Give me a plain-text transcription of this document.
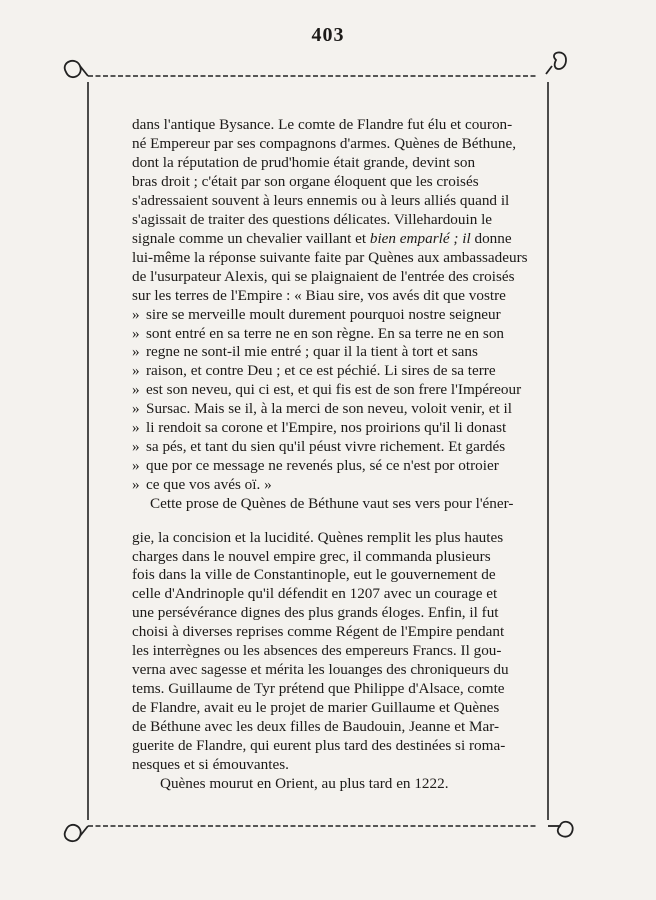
403
dans l'antique Bysance. Le comte de Flandre fut élu et couron-
né Empereur par ses compagnons d'armes. Quènes de Béthune,
dont la réputation de prud'homie était grande, devint son
bras droit ; c'était par son organe éloquent que les croisés
s'adressaient souvent à leurs ennemis ou à leurs alliés quand il
s'agissait de traiter des questions délicates. Villehardouin le
signale comme un chevalier vaillant et bien emparlé ; il donne
lui-même la réponse suivante faite par Quènes aux ambassadeurs
de l'usurpateur Alexis, qui se plaignaient de l'entrée des croisés
sur les terres de l'Empire : « Biau sire, vos avés dit que vostre
» sire se merveille moult durement pourquoi nostre seigneur
» sont entré en sa terre ne en son règne. En sa terre ne en son
» regne ne sont-il mie entré ; quar il la tient à tort et sans
» raison, et contre Deu ; et ce est péchié. Li sires de sa terre
» est son neveu, qui ci est, et qui fis est de son frere l'Impéreour
» Sursac. Mais se il, à la merci de son neveu, voloit venir, et il
» li rendoit sa corone et l'Empire, nos proirions qu'il li donast
» sa pés, et tant du sien qu'il péust vivre richement. Et gardés
» que por ce message ne revenés plus, sé ce n'est por otroier
» ce que vos avés oï. »
Cette prose de Quènes de Béthune vaut ses vers pour l'éner-
gie, la concision et la lucidité. Quènes remplit les plus hautes
charges dans le nouvel empire grec, il commanda plusieurs
fois dans la ville de Constantinople, eut le gouvernement de
celle d'Andrinople qu'il défendit en 1207 avec un courage et
une persévérance dignes des plus grands éloges. Enfin, il fut
choisi à diverses reprises comme Régent de l'Empire pendant
les interrègnes ou les absences des empereurs Francs. Il gou-
verna avec sagesse et mérita les louanges des chroniqueurs du
tems. Guillaume de Tyr prétend que Philippe d'Alsace, comte
de Flandre, avait eu le projet de marier Guillaume et Quènes
de Béthune avec les deux filles de Baudouin, Jeanne et Mar-
guerite de Flandre, qui eurent plus tard des destinées si roma-
nesques et si émouvantes.
Quènes mourut en Orient, au plus tard en 1222.
